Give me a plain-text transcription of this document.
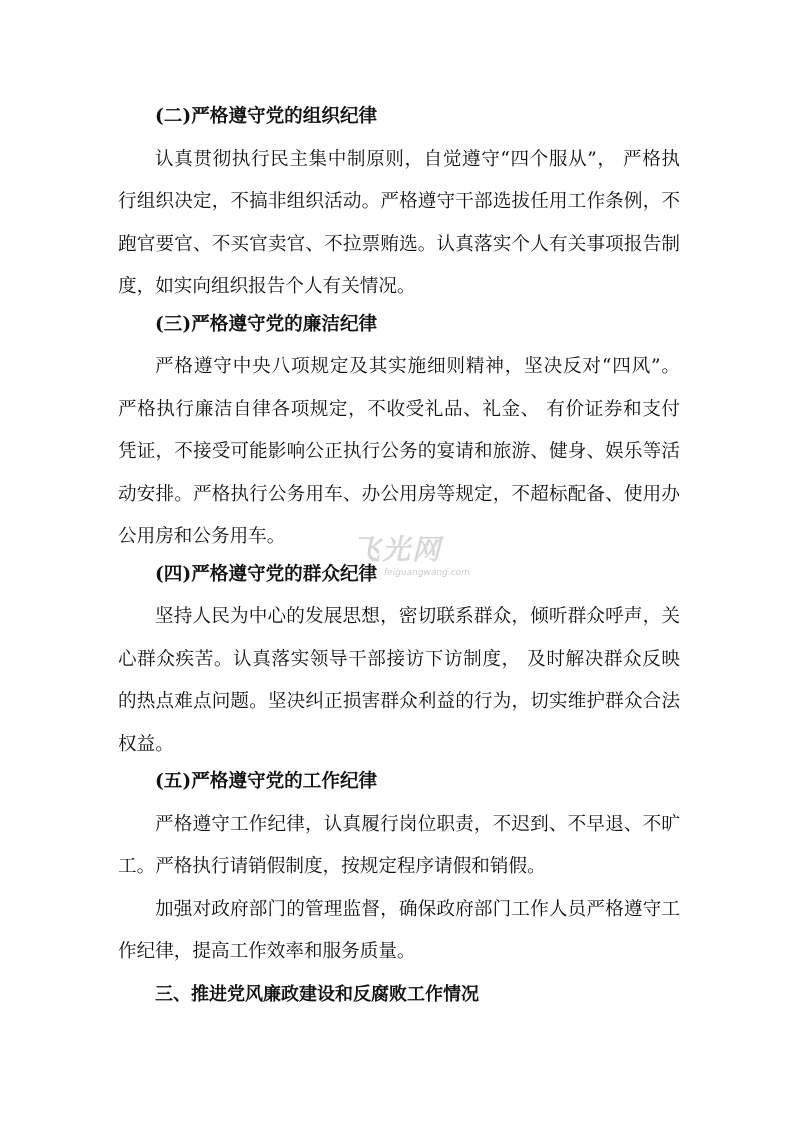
飞光网
feiguangwang.com
(二)严格遵守党的组织纪律
认真贯彻执行民主集中制原则，自觉遵守“四个服从”， 严格执
行组织决定，不搞非组织活动。严格遵守干部选拔任用工作条例，不
跑官要官、不买官卖官、不拉票贿选。认真落实个人有关事项报告制
度，如实向组织报告个人有关情况。
(三)严格遵守党的廉洁纪律
严格遵守中央八项规定及其实施细则精神，坚决反对“四风”。
严格执行廉洁自律各项规定，不收受礼品、礼金、 有价证券和支付
凭证，不接受可能影响公正执行公务的宴请和旅游、健身、娱乐等活
动安排。严格执行公务用车、办公用房等规定，不超标配备、使用办
公用房和公务用车。
(四)严格遵守党的群众纪律
坚持人民为中心的发展思想，密切联系群众，倾听群众呼声，关
心群众疾苦。认真落实领导干部接访下访制度， 及时解决群众反映
的热点难点问题。坚决纠正损害群众利益的行为，切实维护群众合法
权益。
(五)严格遵守党的工作纪律
严格遵守工作纪律，认真履行岗位职责，不迟到、不早退、不旷
工。严格执行请销假制度，按规定程序请假和销假。
加强对政府部门的管理监督，确保政府部门工作人员严格遵守工
作纪律，提高工作效率和服务质量。
三、推进党风廉政建设和反腐败工作情况
